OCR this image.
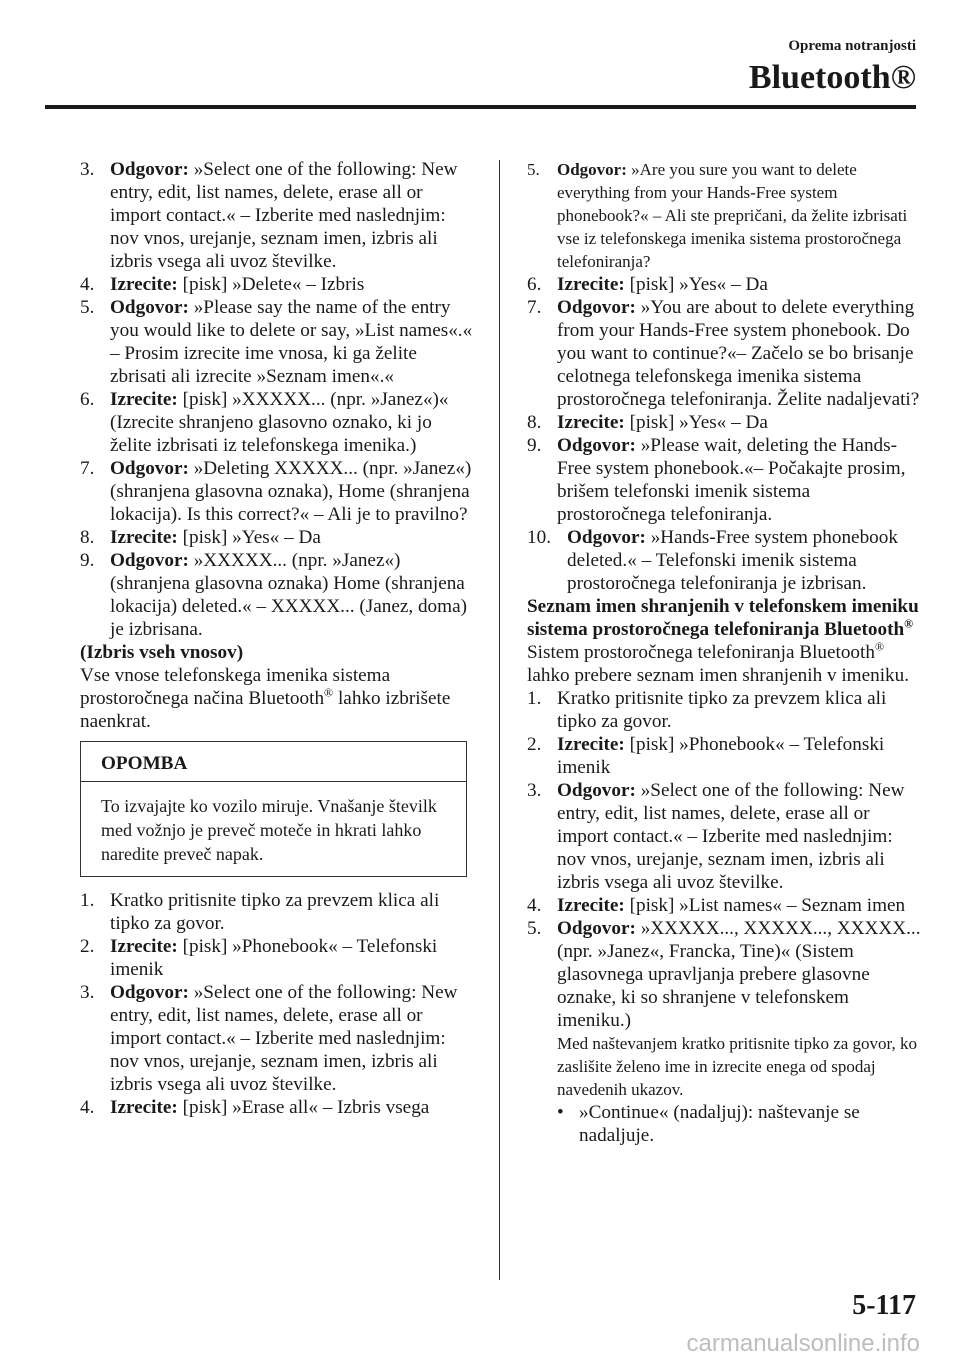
Oprema notranjosti
Bluetooth®
3. Odgovor: »Select one of the following: New entry, edit, list names, delete, erase all or import contact.« – Izberite med naslednjim: nov vnos, urejanje, seznam imen, izbris ali izbris vsega ali uvoz številke.
4. Izrecite: [pisk] »Delete« – Izbris
5. Odgovor: »Please say the name of the entry you would like to delete or say, »List names«.« – Prosim izrecite ime vnosa, ki ga želite zbrisati ali izrecite »Seznam imen«.«
6. Izrecite: [pisk] »XXXXX... (npr. »Janez«)« (Izrecite shranjeno glasovno oznako, ki jo želite izbrisati iz telefonskega imenika.)
7. Odgovor: »Deleting XXXXX... (npr. »Janez«) (shranjena glasovna oznaka), Home (shranjena lokacija). Is this correct?« – Ali je to pravilno?
8. Izrecite: [pisk] »Yes« – Da
9. Odgovor: »XXXXX... (npr. »Janez«) (shranjena glasovna oznaka) Home (shranjena lokacija) deleted.« – XXXXX... (Janez, doma) je izbrisana.
(Izbris vseh vnosov)
Vse vnose telefonskega imenika sistema prostoročnega načina Bluetooth® lahko izbrišete naenkrat.
OPOMBA
To izvajajte ko vozilo miruje. Vnašanje številk med vožnjo je preveč moteče in hkrati lahko naredite preveč napak.
1. Kratko pritisnite tipko za prevzem klica ali tipko za govor.
2. Izrecite: [pisk] »Phonebook« – Telefonski imenik
3. Odgovor: »Select one of the following: New entry, edit, list names, delete, erase all or import contact.« – Izberite med naslednjim: nov vnos, urejanje, seznam imen, izbris ali izbris vsega ali uvoz številke.
4. Izrecite: [pisk] »Erase all« – Izbris vsega
5. Odgovor: »Are you sure you want to delete everything from your Hands-Free system phonebook?« – Ali ste prepričani, da želite izbrisati vse iz telefonskega imenika sistema prostoročnega telefoniranja?
6. Izrecite: [pisk] »Yes« – Da
7. Odgovor: »You are about to delete everything from your Hands-Free system phonebook. Do you want to continue?«– Začelo se bo brisanje celotnega telefonskega imenika sistema prostoročnega telefoniranja. Želite nadaljevati?
8. Izrecite: [pisk] »Yes« – Da
9. Odgovor: »Please wait, deleting the Hands-Free system phonebook.«– Počakajte prosim, brišem telefonski imenik sistema prostoročnega telefoniranja.
10. Odgovor: »Hands-Free system phonebook deleted.« – Telefonski imenik sistema prostoročnega telefoniranja je izbrisan.
Seznam imen shranjenih v telefonskem imeniku sistema prostoročnega telefoniranja Bluetooth®
Sistem prostoročnega telefoniranja Bluetooth® lahko prebere seznam imen shranjenih v imeniku.
1. Kratko pritisnite tipko za prevzem klica ali tipko za govor.
2. Izrecite: [pisk] »Phonebook« – Telefonski imenik
3. Odgovor: »Select one of the following: New entry, edit, list names, delete, erase all or import contact.« – Izberite med naslednjim: nov vnos, urejanje, seznam imen, izbris ali izbris vsega ali uvoz številke.
4. Izrecite: [pisk] »List names« – Seznam imen
5. Odgovor: »XXXXX..., XXXXX..., XXXXX... (npr. »Janez«, Francka, Tine)« (Sistem glasovnega upravljanja prebere glasovne oznake, ki so shranjene v telefonskem imeniku.)
Med naštevanjem kratko pritisnite tipko za govor, ko zaslišite želeno ime in izrecite enega od spodaj navedenih ukazov.
• »Continue« (nadaljuj): naštevanje se nadaljuje.
5-117
carmanualsonline.info
